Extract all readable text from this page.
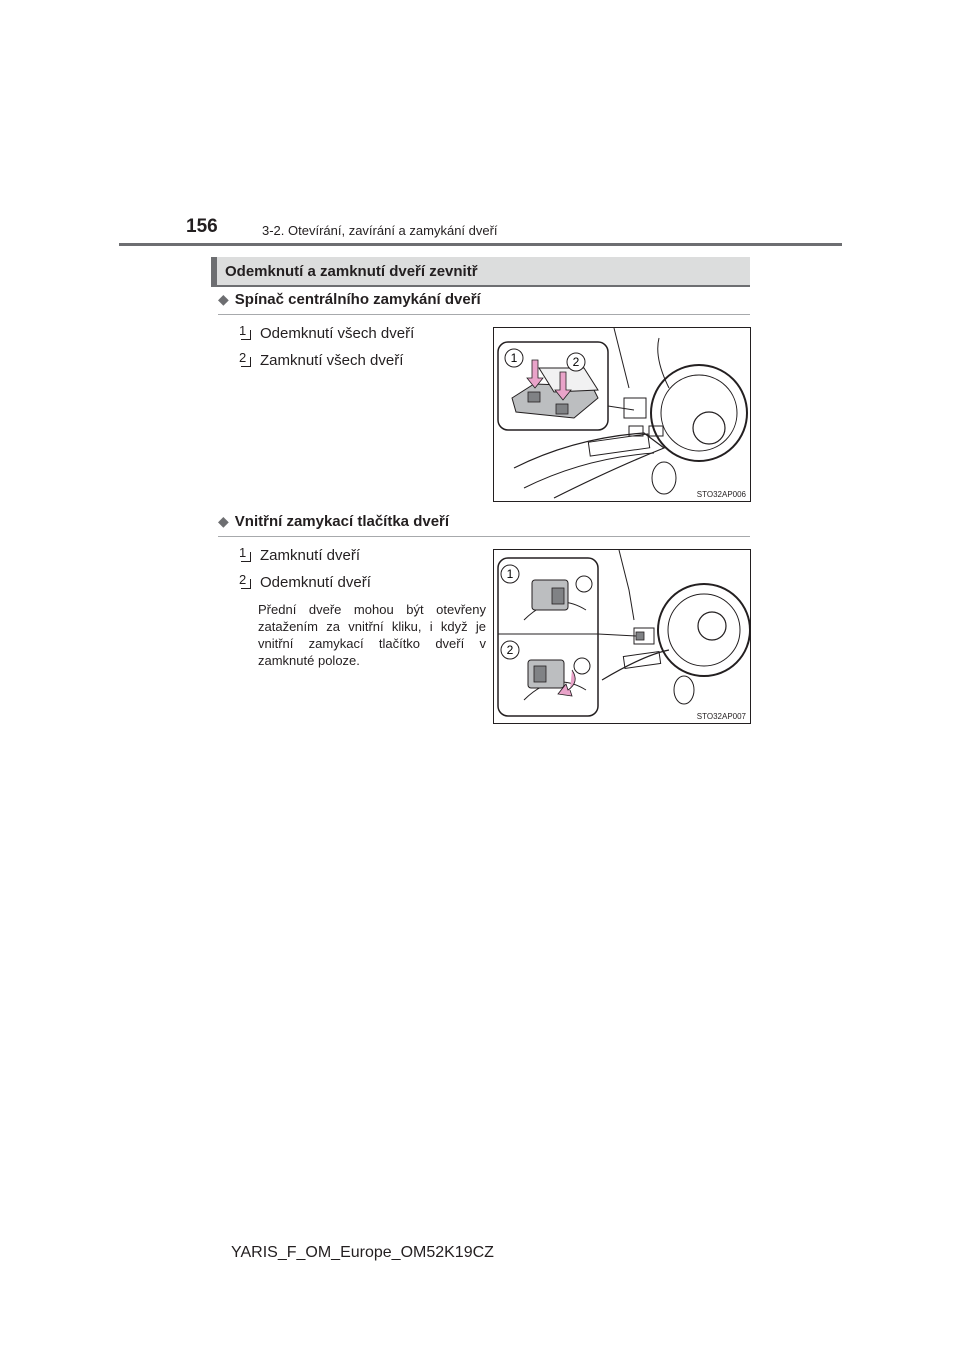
156	3-2. Otevírání, zavírání a zamykání dveří
Odemknutí a zamknutí dveří zevnitř
◆ Spínač centrálního zamykání dveří
1 Odemknutí všech dveří
2 Zamknutí všech dveří	1	2
STO32AP006
◆ Vnitřní zamykací tlačítka dveří
1 Zamknutí dveří
2 Odemknutí dveří
Přední dveře mohou být otevřeny zatažením za vnitřní kliku, i když je vnitřní zamykací tlačítko dveří v zamknuté poloze.
1
2
STO32AP007
YARIS_F_OM_Europe_OM52K19CZ
